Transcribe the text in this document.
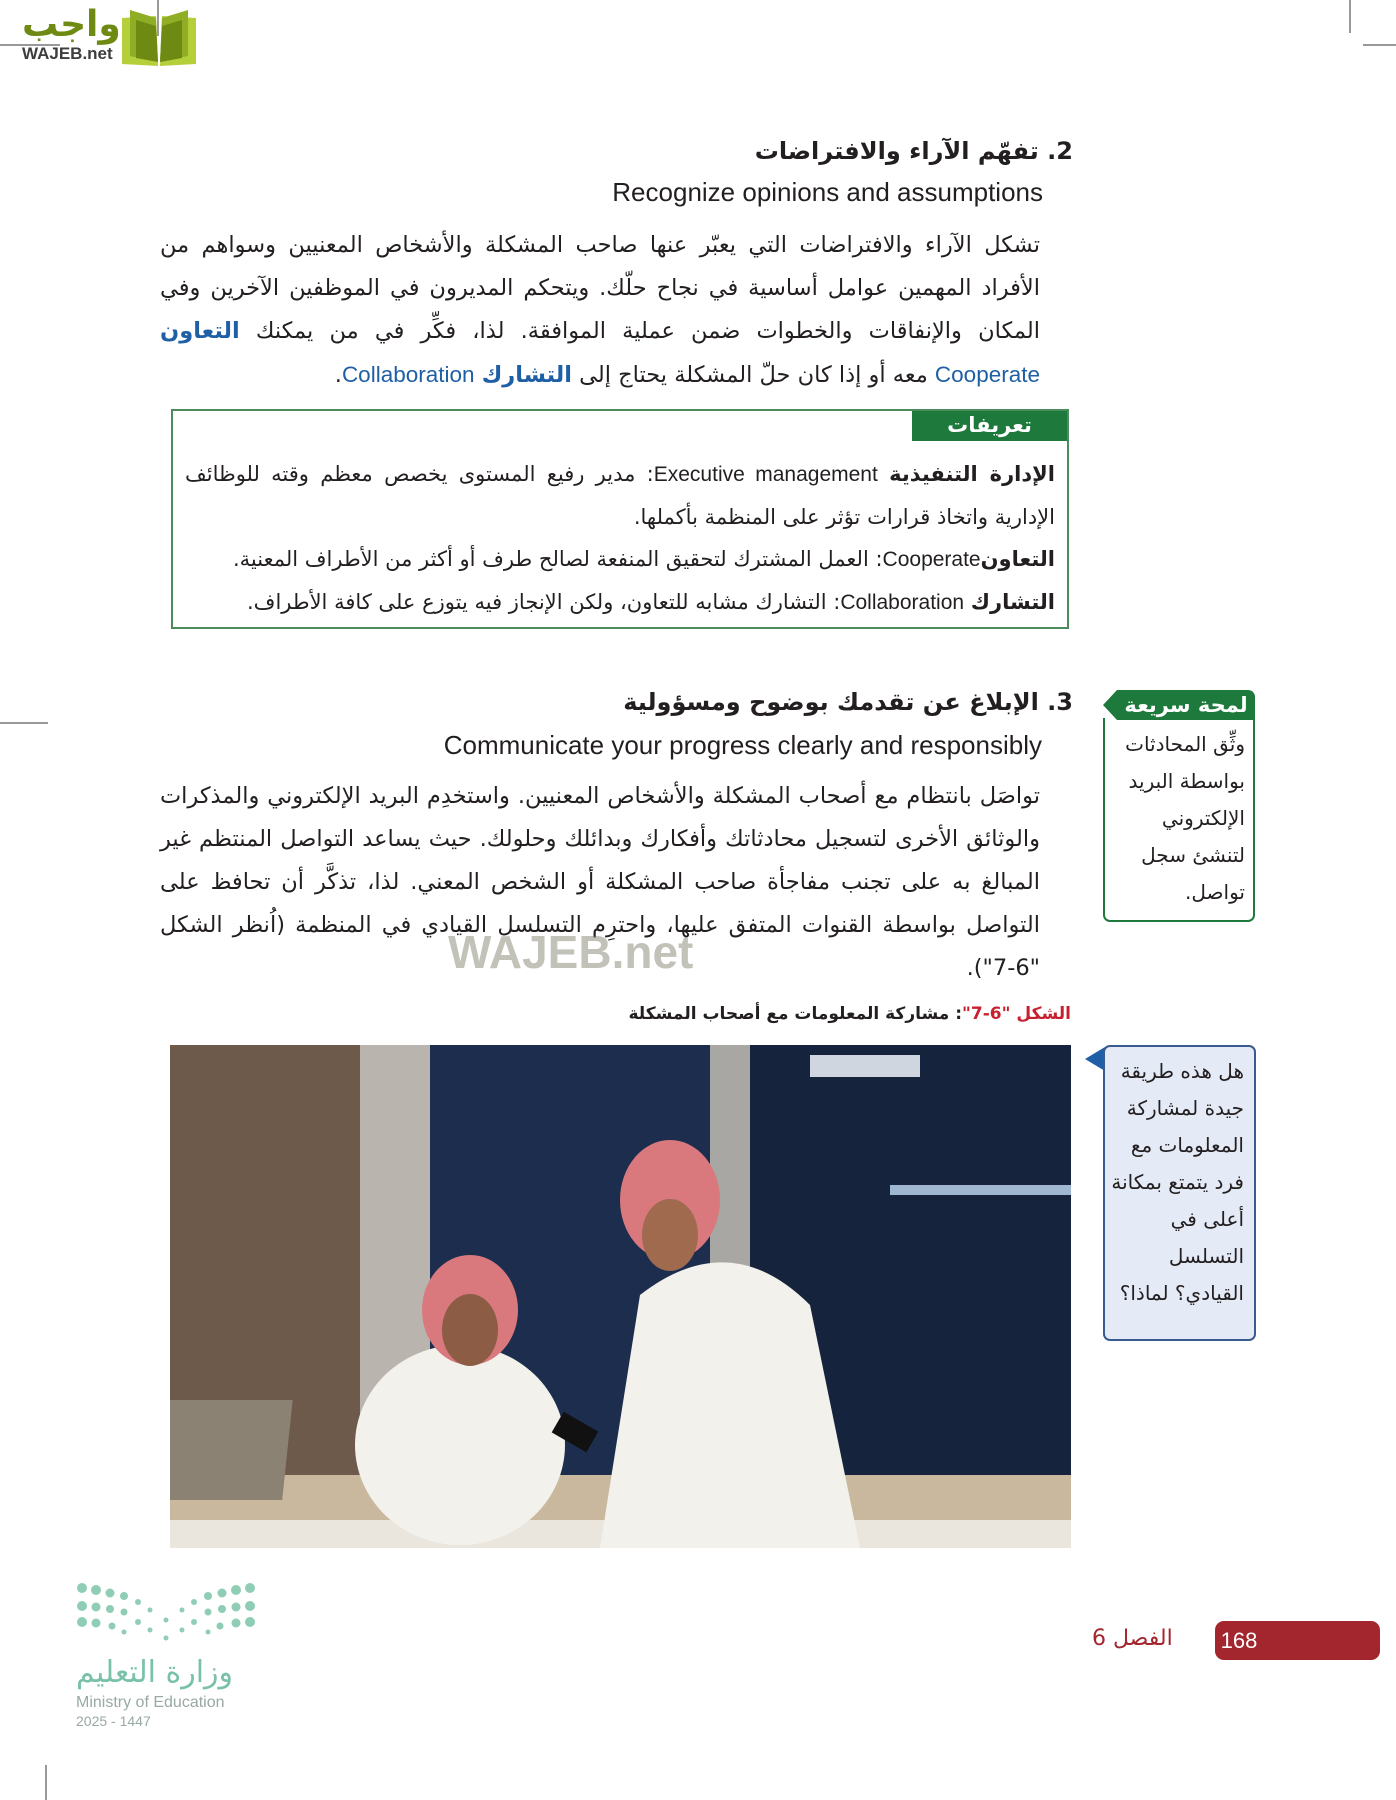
واجب
WAJEB.net
2. تفهّم الآراء والافتراضات
Recognize opinions and assumptions
تشكل الآراء والافتراضات التي يعبّر عنها صاحب المشكلة والأشخاص المعنيين وسواهم من الأفراد المهمين عوامل أساسية في نجاح حلّك. ويتحكم المديرون في الموظفين الآخرين وفي المكان والإنفاقات والخطوات ضمن عملية الموافقة. لذا، فكِّر في من يمكنك التعاون Cooperate معه أو إذا كان حلّ المشكلة يحتاج إلى التشارك Collaboration.
تعريفات
الإدارة التنفيذية Executive management: مدير رفيع المستوى يخصص معظم وقته للوظائف الإدارية واتخاذ قرارات تؤثر على المنظمة بأكملها.
التعاونCooperate: العمل المشترك لتحقيق المنفعة لصالح طرف أو أكثر من الأطراف المعنية.
التشارك Collaboration: التشارك مشابه للتعاون، ولكن الإنجاز فيه يتوزع على كافة الأطراف.
3. الإبلاغ عن تقدمك بوضوح ومسؤولية
Communicate your progress clearly and responsibly
تواصَل بانتظام مع أصحاب المشكلة والأشخاص المعنيين. واستخدِم البريد الإلكتروني والمذكرات والوثائق الأخرى لتسجيل محادثاتك وأفكارك وبدائلك وحلولك. حيث يساعد التواصل المنتظم غير المبالغ به على تجنب مفاجأة صاحب المشكلة أو الشخص المعني. لذا، تذكَّر أن تحافظ على التواصل بواسطة القنوات المتفق عليها، واحترِم التسلسل القيادي في المنظمة (اُنظر الشكل "6-7").
WAJEB.net
لمحة سريعة
وثِّق المحادثات بواسطة البريد الإلكتروني لتنشئ سجل تواصل.
الشكل "6-7": مشاركة المعلومات مع أصحاب المشكلة
هل هذه طريقة جيدة لمشاركة المعلومات مع فرد يتمتع بمكانة أعلى في التسلسل القيادي؟ لماذا؟
وزارة التعليم
Ministry of Education
2025 - 1447
الفصل 6 168
